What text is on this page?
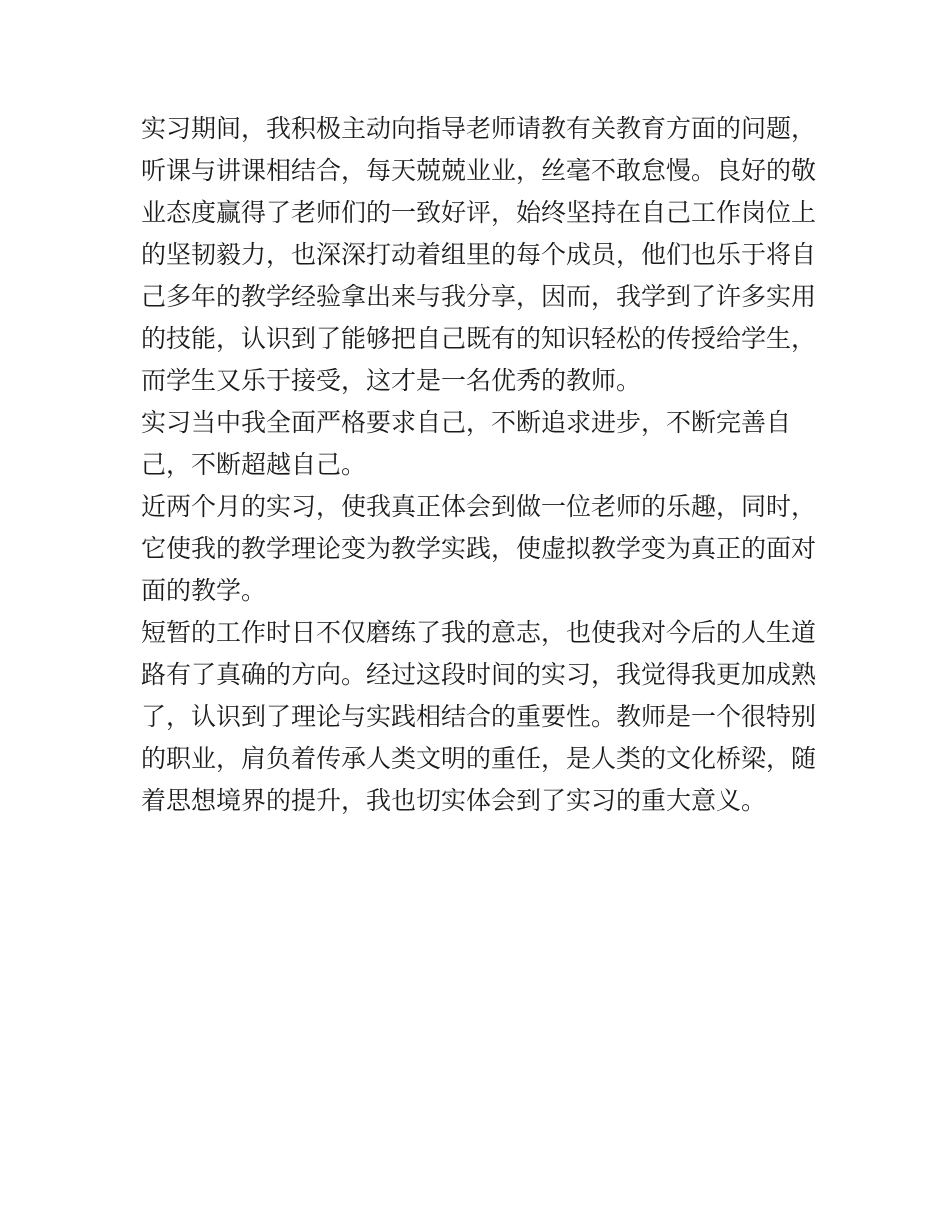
实习期间，我积极主动向指导老师请教有关教育方面的问题，
听课与讲课相结合，每天兢兢业业，丝毫不敢怠慢。良好的敬
业态度赢得了老师们的一致好评，始终坚持在自己工作岗位上
的坚韧毅力，也深深打动着组里的每个成员，他们也乐于将自
己多年的教学经验拿出来与我分享，因而，我学到了许多实用
的技能，认识到了能够把自己既有的知识轻松的传授给学生，
而学生又乐于接受，这才是一名优秀的教师。
实习当中我全面严格要求自己，不断追求进步，不断完善自
己，不断超越自己。
近两个月的实习，使我真正体会到做一位老师的乐趣，同时，
它使我的教学理论变为教学实践，使虚拟教学变为真正的面对
面的教学。
短暂的工作时日不仅磨练了我的意志，也使我对今后的人生道
路有了真确的方向。经过这段时间的实习，我觉得我更加成熟
了，认识到了理论与实践相结合的重要性。教师是一个很特别
的职业，肩负着传承人类文明的重任，是人类的文化桥梁，随
着思想境界的提升，我也切实体会到了实习的重大意义。
